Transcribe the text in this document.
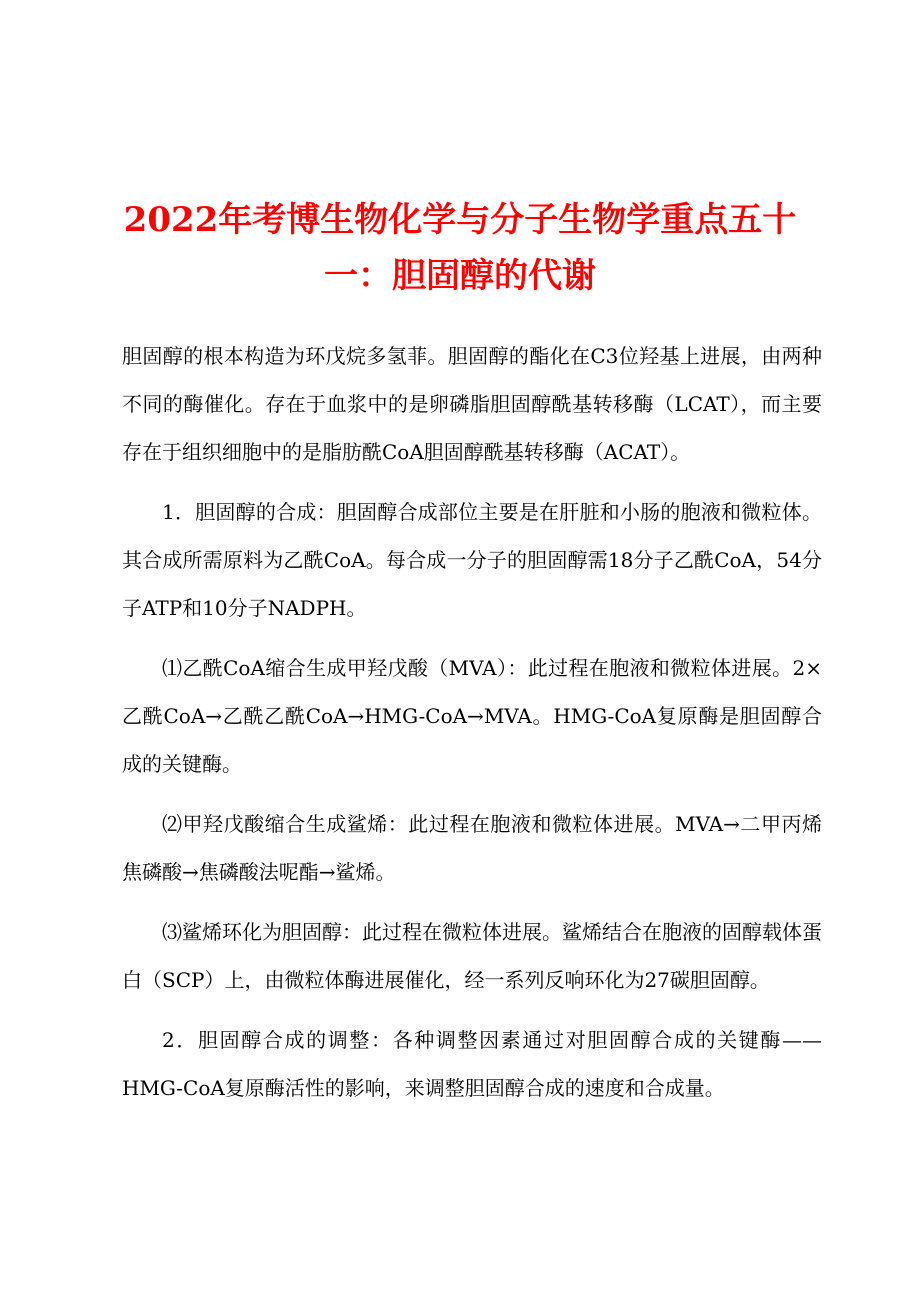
2022年考博生物化学与分子生物学重点五十一：胆固醇的代谢

胆固醇的根本构造为环戊烷多氢菲。胆固醇的酯化在C3位羟基上进展，由两种不同的酶催化。存在于血浆中的是卵磷脂胆固醇酰基转移酶（LCAT），而主要存在于组织细胞中的是脂肪酰CoA胆固醇酰基转移酶（ACAT）。

1．胆固醇的合成：胆固醇合成部位主要是在肝脏和小肠的胞液和微粒体。其合成所需原料为乙酰CoA。每合成一分子的胆固醇需18分子乙酰CoA，54分子ATP和10分子NADPH。

⑴乙酰CoA缩合生成甲羟戊酸（MVA）：此过程在胞液和微粒体进展。2×乙酰CoA→乙酰乙酰CoA→HMG-CoA→MVA。HMG-CoA复原酶是胆固醇合成的关键酶。

⑵甲羟戊酸缩合生成鲨烯：此过程在胞液和微粒体进展。MVA→二甲丙烯焦磷酸→焦磷酸法呢酯→鲨烯。

⑶鲨烯环化为胆固醇：此过程在微粒体进展。鲨烯结合在胞液的固醇载体蛋白（SCP）上，由微粒体酶进展催化，经一系列反响环化为27碳胆固醇。

2．胆固醇合成的调整：各种调整因素通过对胆固醇合成的关键酶——HMG-CoA复原酶活性的影响，来调整胆固醇合成的速度和合成量。
